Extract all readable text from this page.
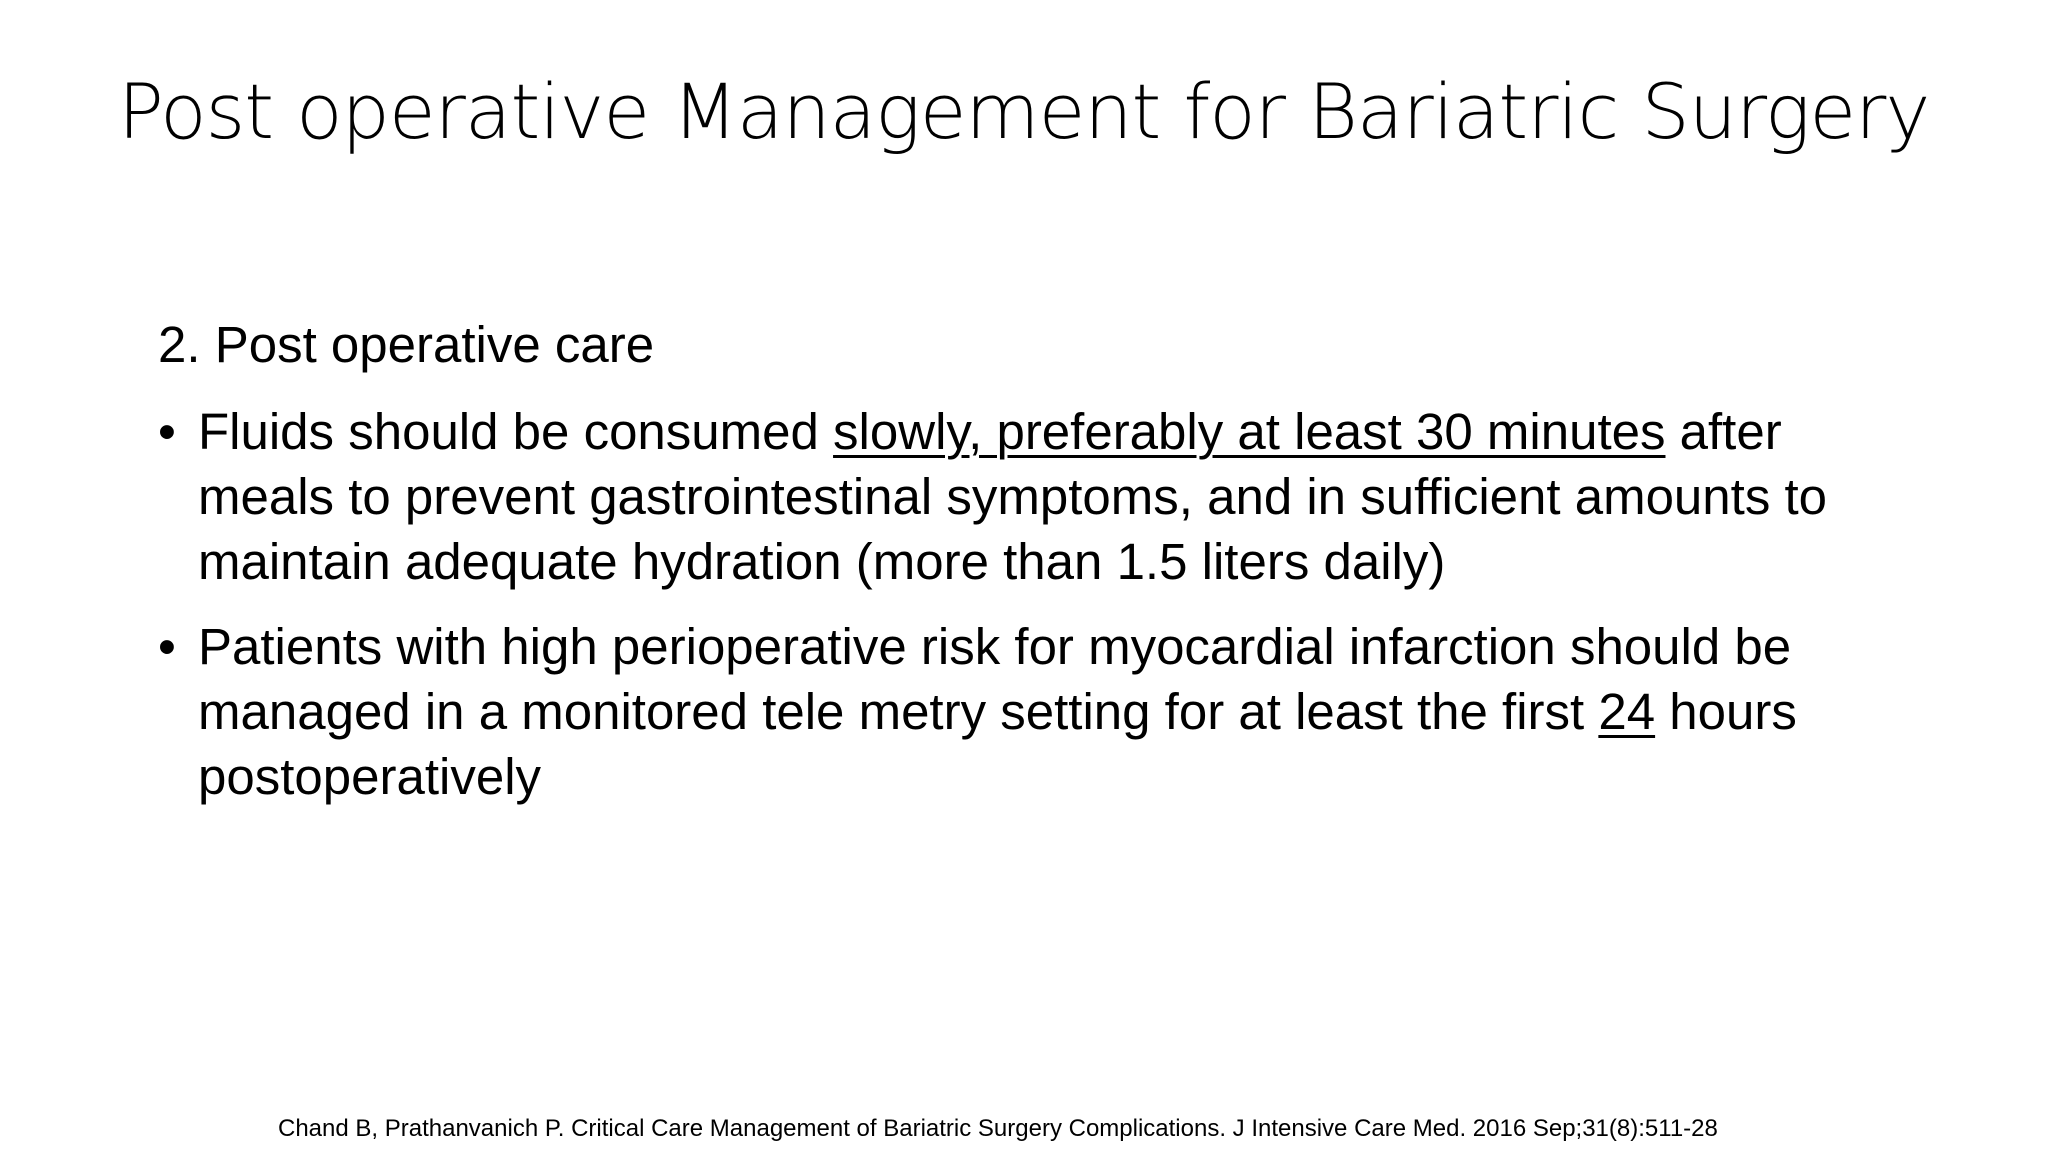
Post operative Management for Bariatric Surgery
2. Post operative care
• Fluids should be consumed slowly, preferably at least 30 minutes after meals to prevent gastrointestinal symptoms, and in sufficient amounts to maintain adequate hydration (more than 1.5 liters daily)
• Patients with high perioperative risk for myocardial infarction should be managed in a monitored tele metry setting for at least the first 24 hours postoperatively
Chand B, Prathanvanich P. Critical Care Management of Bariatric Surgery Complications. J Intensive Care Med. 2016 Sep;31(8):511-28
